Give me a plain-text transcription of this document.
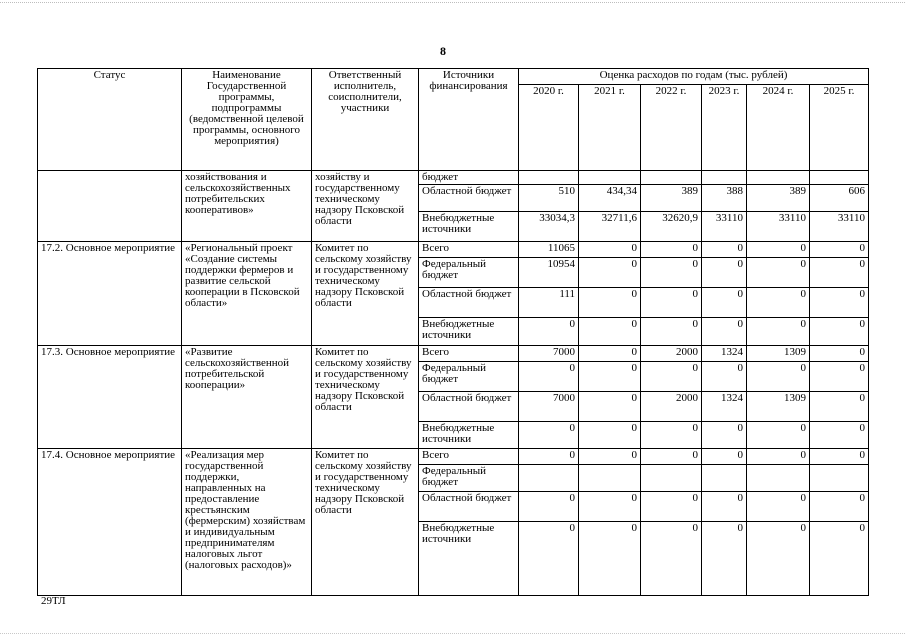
8
Статус	Наименование Государственной программы, подпрограммы (ведомственной целевой программы, основного мероприятия)	Ответственный исполнитель, соисполнители, участники	Источники финансирования	Оценка расходов по годам (тыс. рублей)					
				2020 г.	2021 г.	2022 г.	2023 г.	2024 г.	2025 г.
	хозяйствования и сельскохозяйственных потребительских кооперативов»	хозяйству и государственному техническому надзору Псковской области	бюджет						
			Областной бюджет	510	434,34	389	388	389	606
			Внебюджетные источники	33034,3	32711,6	32620,9	33110	33110	33110
17.2. Основное мероприятие	«Региональный проект «Создание системы поддержки фермеров и развитие сельской кооперации в Псковской области»	Комитет по сельскому хозяйству и государственному техническому надзору Псковской области	Всего	11065	0	0	0	0	0
			Федеральный бюджет	10954	0	0	0	0	0
			Областной бюджет	111	0	0	0	0	0
			Внебюджетные источники	0	0	0	0	0	0
17.3. Основное мероприятие	«Развитие сельскохозяйственной потребительской кооперации»	Комитет по сельскому хозяйству и государственному техническому надзору Псковской области	Всего	7000	0	2000	1324	1309	0
			Федеральный бюджет	0	0	0	0	0	0
			Областной бюджет	7000	0	2000	1324	1309	0
			Внебюджетные источники	0	0	0	0	0	0
17.4. Основное мероприятие	«Реализация мер государственной поддержки, направленных на предоставление крестьянским (фермерским) хозяйствам и индивидуальным предпринимателям налоговых льгот (налоговых расходов)»	Комитет по сельскому хозяйству и государственному техническому надзору Псковской области	Всего	0	0	0	0	0	0
			Федеральный бюджет						
			Областной бюджет	0	0	0	0	0	0
			Внебюджетные источники	0	0	0	0	0	0
29ТЛ
